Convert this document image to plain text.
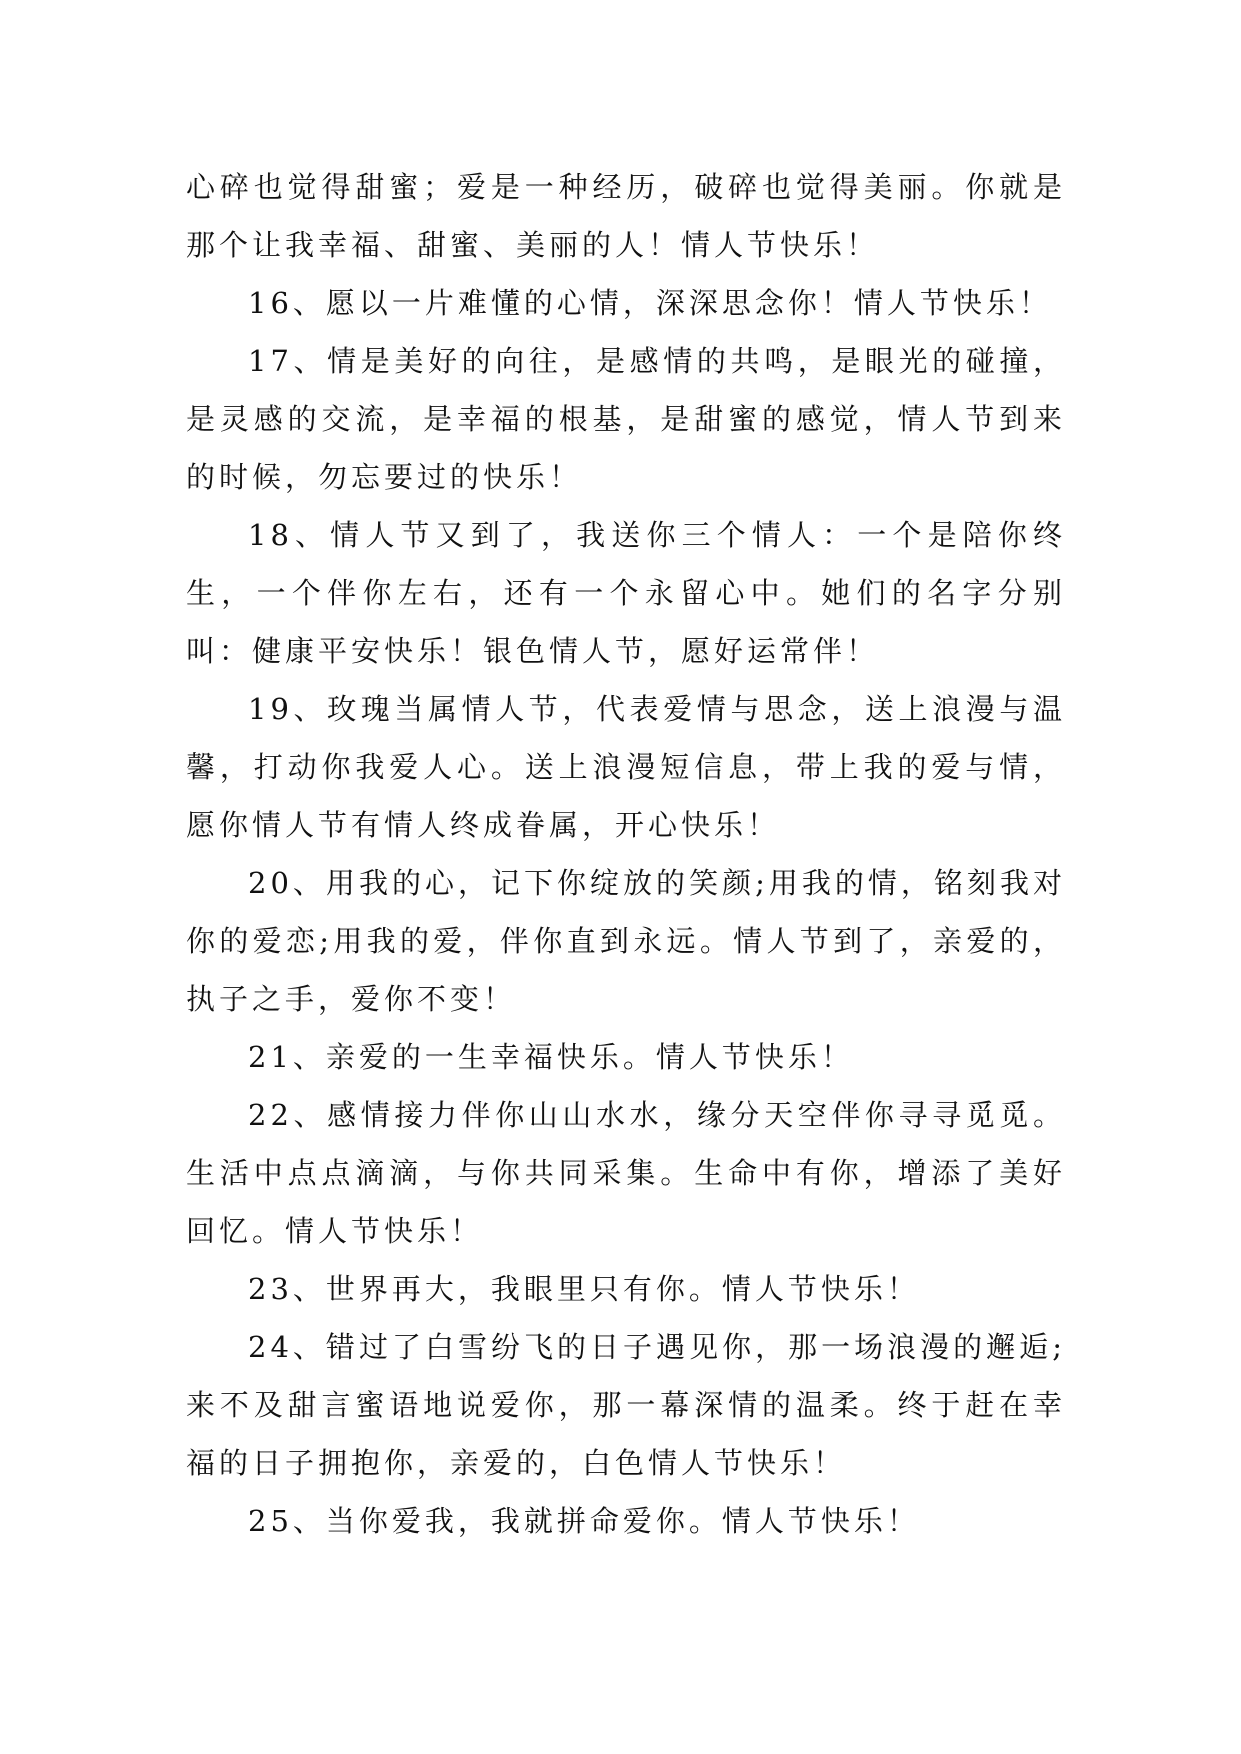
心碎也觉得甜蜜；爱是一种经历，破碎也觉得美丽。你就是那个让我幸福、甜蜜、美丽的人！情人节快乐！

16、愿以一片难懂的心情，深深思念你！情人节快乐！

17、情是美好的向往，是感情的共鸣，是眼光的碰撞，是灵感的交流，是幸福的根基，是甜蜜的感觉，情人节到来的时候，勿忘要过的快乐！

18、情人节又到了，我送你三个情人：一个是陪你终生，一个伴你左右，还有一个永留心中。她们的名字分别叫：健康平安快乐！银色情人节，愿好运常伴！

19、玫瑰当属情人节，代表爱情与思念，送上浪漫与温馨，打动你我爱人心。送上浪漫短信息，带上我的爱与情，愿你情人节有情人终成眷属，开心快乐！

20、用我的心，记下你绽放的笑颜;用我的情，铭刻我对你的爱恋;用我的爱，伴你直到永远。情人节到了，亲爱的，执子之手，爱你不变！

21、亲爱的一生幸福快乐。情人节快乐！

22、感情接力伴你山山水水，缘分天空伴你寻寻觅觅。生活中点点滴滴，与你共同采集。生命中有你，增添了美好回忆。情人节快乐！

23、世界再大，我眼里只有你。情人节快乐！

24、错过了白雪纷飞的日子遇见你，那一场浪漫的邂逅;来不及甜言蜜语地说爱你，那一幕深情的温柔。终于赶在幸福的日子拥抱你，亲爱的，白色情人节快乐！

25、当你爱我，我就拼命爱你。情人节快乐！
